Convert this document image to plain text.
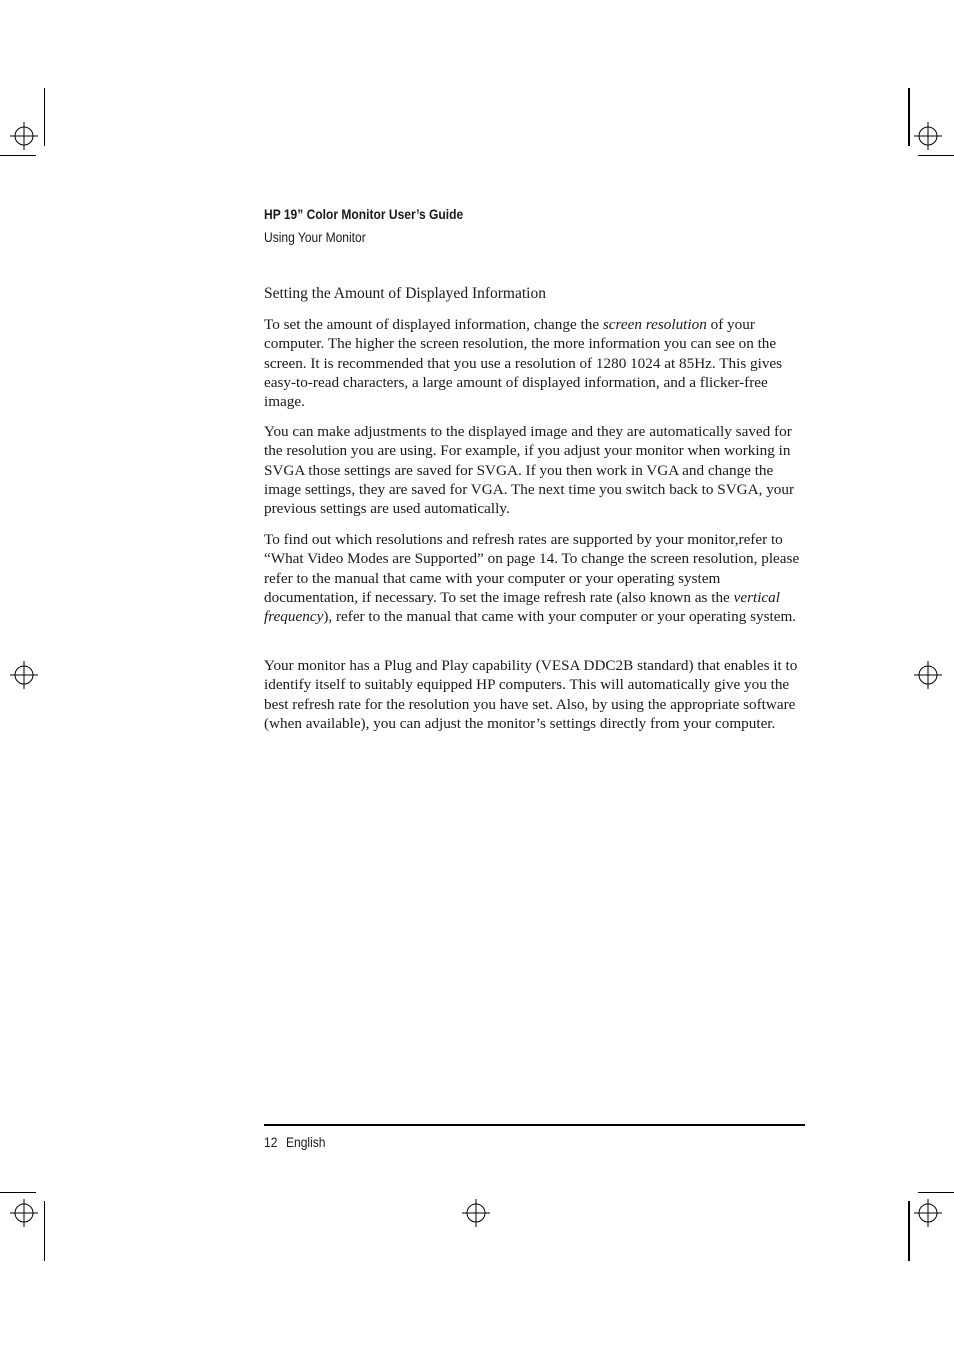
HP 19” Color Monitor User’s Guide
Using Your Monitor
Setting the Amount of Displayed Information

To set the amount of displayed information, change the screen resolution of your computer. The higher the screen resolution, the more information you can see on the screen. It is recommended that you use a resolution of 1280 1024 at 85Hz. This gives easy-to-read characters, a large amount of displayed information, and a flicker-free image.

You can make adjustments to the displayed image and they are automatically saved for the resolution you are using. For example, if you adjust your monitor when working in SVGA those settings are saved for SVGA. If you then work in VGA and change the image settings, they are saved for VGA. The next time you switch back to SVGA, your previous settings are used automatically.

To find out which resolutions and refresh rates are supported by your monitor,refer to “What Video Modes are Supported” on page 14. To change the screen resolution, please refer to the manual that came with your computer or your operating system documentation, if necessary. To set the image refresh rate (also known as the vertical frequency), refer to the manual that came with your computer or your operating system.

Your monitor has a Plug and Play capability (VESA DDC2B standard) that enables it to identify itself to suitably equipped HP computers. This will automatically give you the best refresh rate for the resolution you have set. Also, by using the appropriate software (when available), you can adjust the monitor’s settings directly from your computer.

12 English
